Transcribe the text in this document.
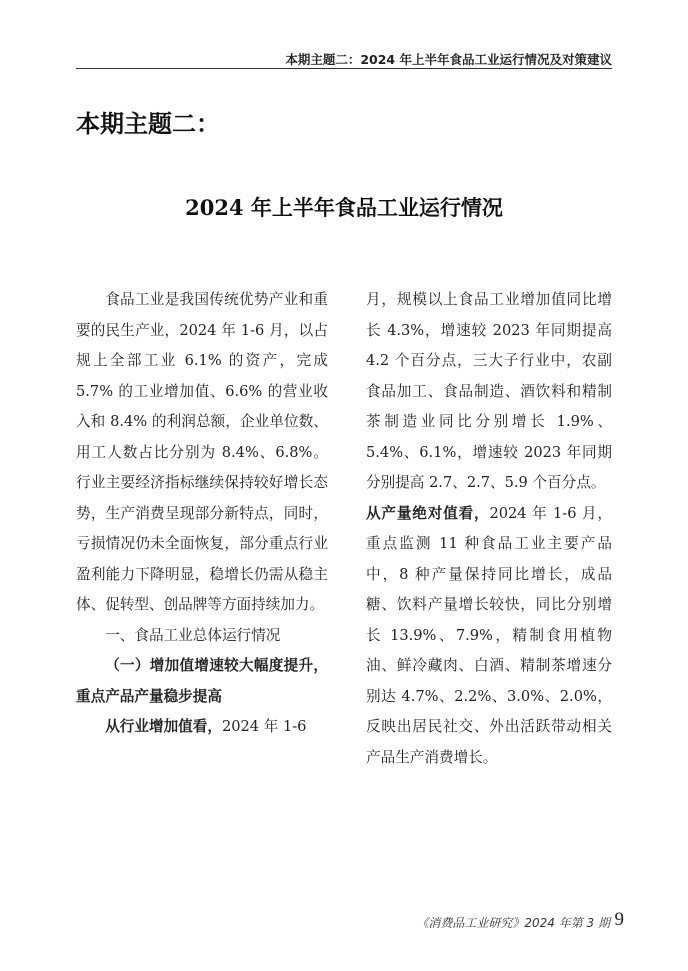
本期主题二：2024 年上半年食品工业运行情况及对策建议
本期主题二：
2024 年上半年食品工业运行情况

食品工业是我国传统优势产业和重要的民生产业，2024 年 1-6 月，以占规上全部工业 6.1% 的资产，完成 5.7% 的工业增加值、6.6% 的营业收入和 8.4% 的利润总额，企业单位数、用工人数占比分别为 8.4%、6.8%。行业主要经济指标继续保持较好增长态势，生产消费呈现部分新特点，同时，亏损情况仍未全面恢复，部分重点行业盈利能力下降明显，稳增长仍需从稳主体、促转型、创品牌等方面持续加力。

一、食品工业总体运行情况

（一）增加值增速较大幅度提升，重点产品产量稳步提高

从行业增加值看，2024 年 1-6

月，规模以上食品工业增加值同比增长 4.3%，增速较 2023 年同期提高 4.2 个百分点，三大子行业中，农副食品加工、食品制造、酒饮料和精制茶制造业同比分别增长 1.9%、5.4%、6.1%，增速较 2023 年同期分别提高 2.7、2.7、5.9 个百分点。

从产量绝对值看，2024 年 1-6 月，重点监测 11 种食品工业主要产品中，8 种产量保持同比增长，成品糖、饮料产量增长较快，同比分别增长 13.9%、7.9%，精制食用植物油、鲜冷藏肉、白酒、精制茶增速分别达 4.7%、2.2%、3.0%、2.0%，反映出居民社交、外出活跃带动相关产品生产消费增长。

《消费品工业研究》2024 年第 3 期 9
